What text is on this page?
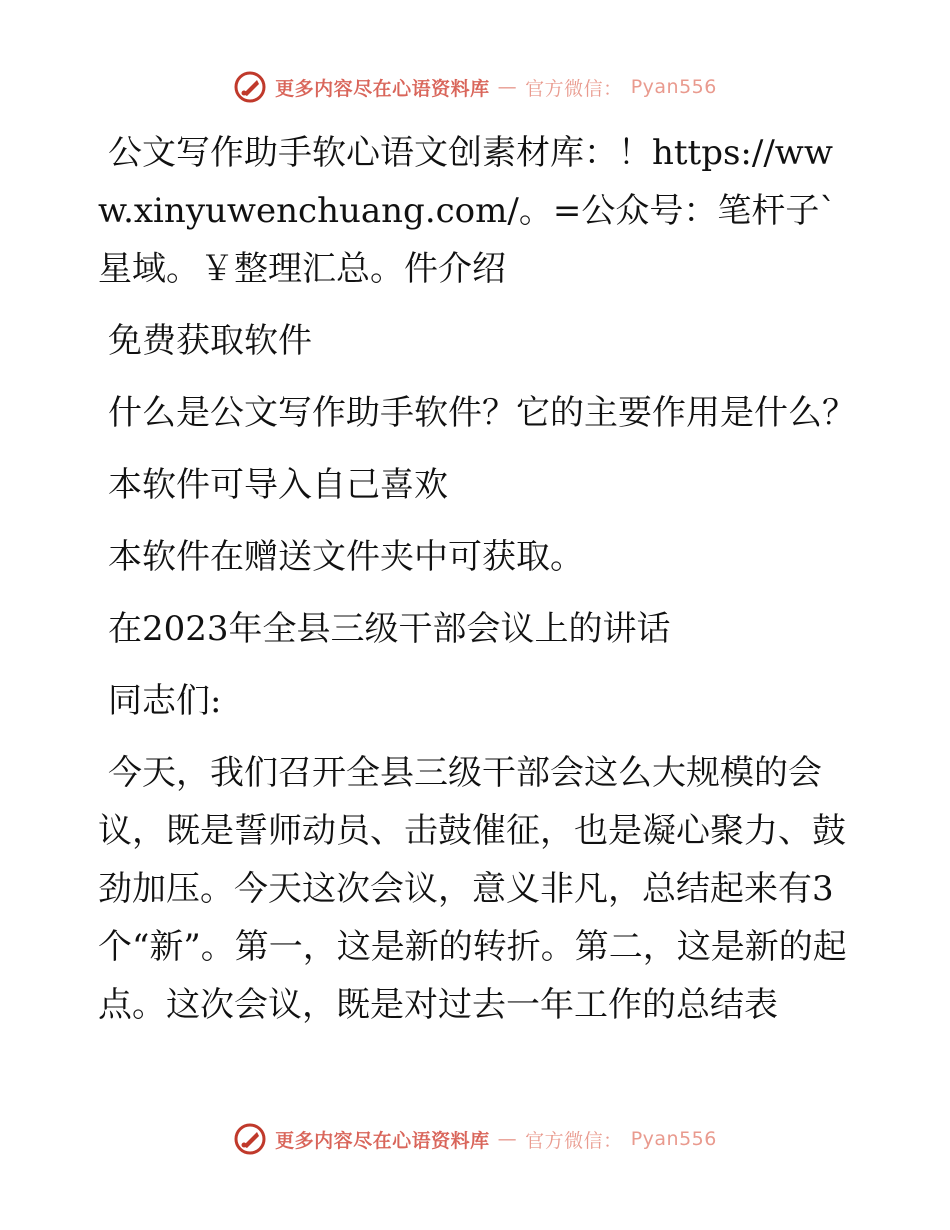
更多内容尽在心语资料库 — 官方微信： Pyan556

公文写作助手软心语文创素材库：！https://www.xinyuwenchuang.com/。=公众号：笔杆子`星域。￥整理汇总。件介绍

免费获取软件

什么是公文写作助手软件？它的主要作用是什么？

本软件可导入自己喜欢

本软件在赠送文件夹中可获取。

在2023年全县三级干部会议上的讲话

同志们:

今天，我们召开全县三级干部会这么大规模的会议，既是誓师动员、击鼓催征，也是凝心聚力、鼓劲加压。今天这次会议，意义非凡，总结起来有3个“新”。第一，这是新的转折。第二，这是新的起点。这次会议，既是对过去一年工作的总结表

更多内容尽在心语资料库 — 官方微信： Pyan556
